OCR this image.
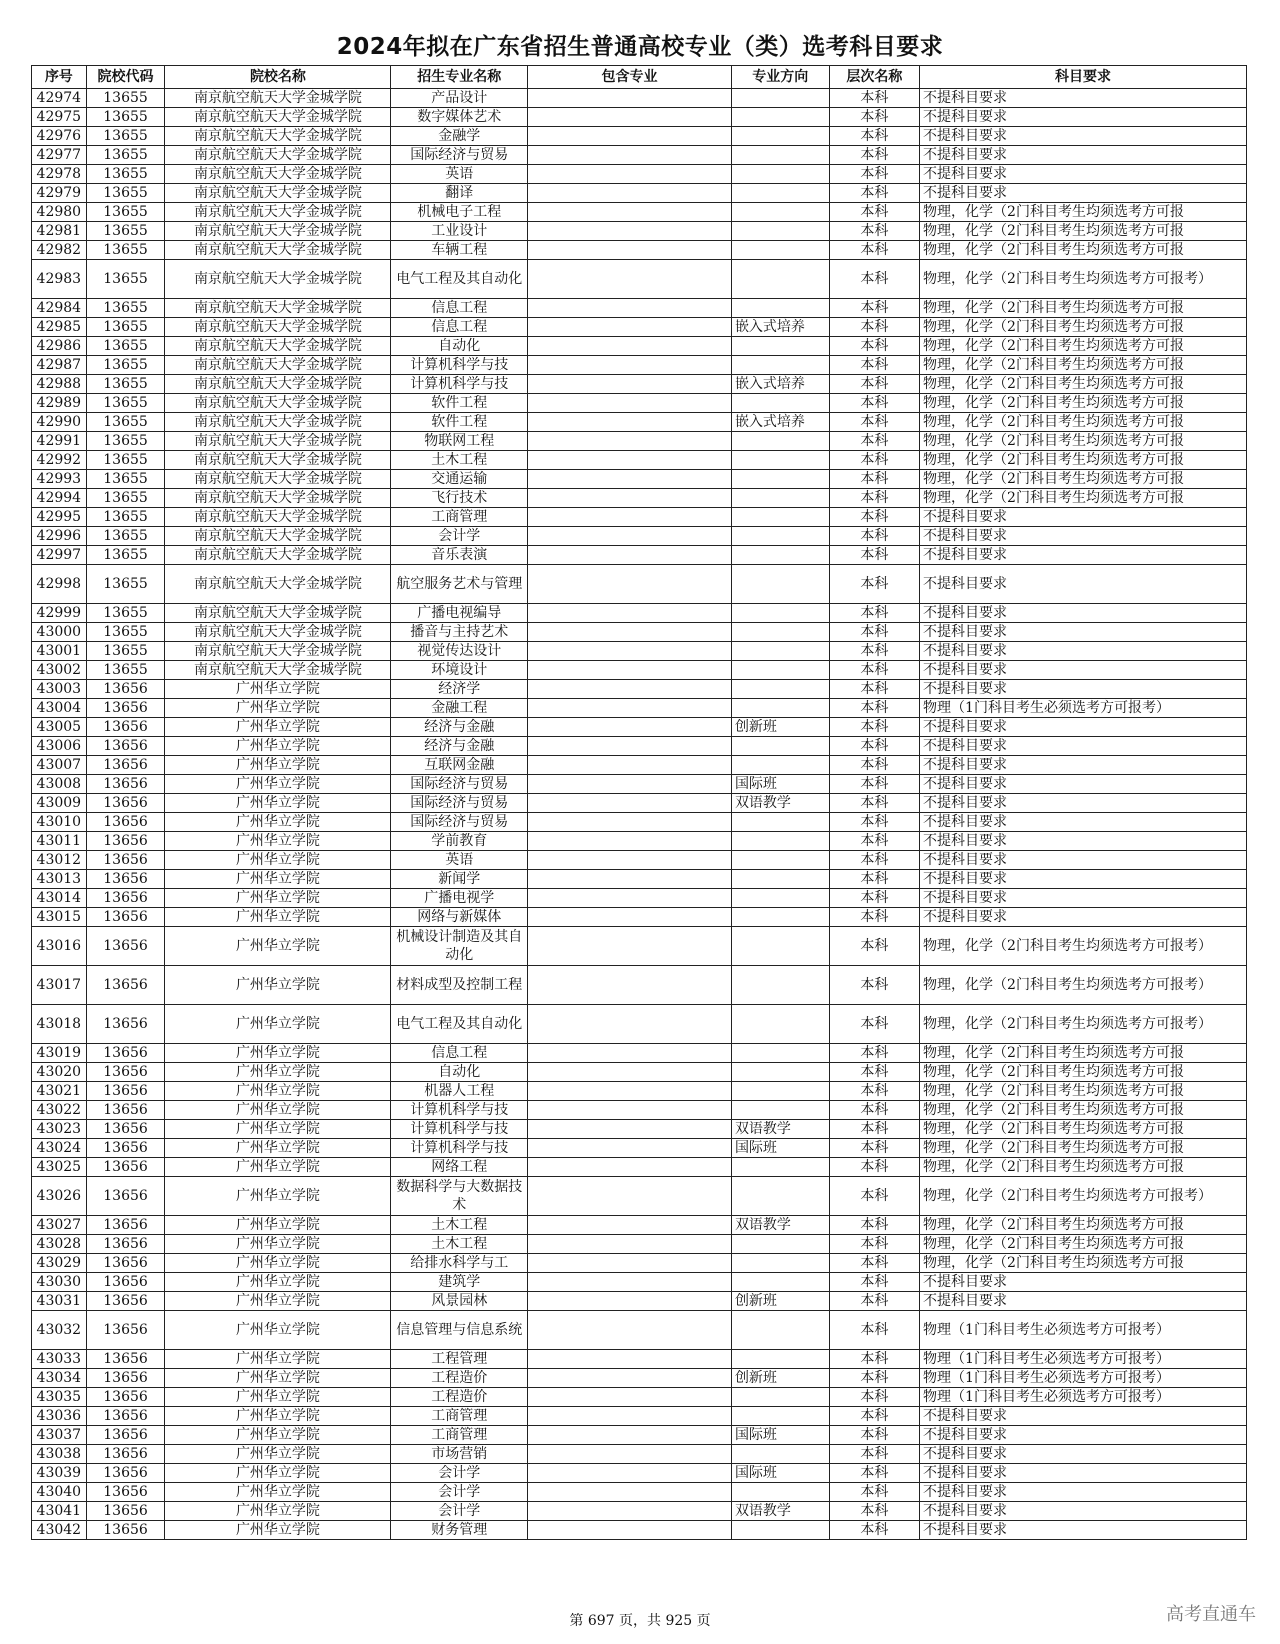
2024年拟在广东省招生普通高校专业（类）选考科目要求
序号	院校代码	院校名称	招生专业名称	包含专业	专业方向	层次名称	科目要求
42974	13655	南京航空航天大学金城学院	产品设计			本科	不提科目要求
42975	13655	南京航空航天大学金城学院	数字媒体艺术			本科	不提科目要求
42976	13655	南京航空航天大学金城学院	金融学			本科	不提科目要求
42977	13655	南京航空航天大学金城学院	国际经济与贸易			本科	不提科目要求
42978	13655	南京航空航天大学金城学院	英语			本科	不提科目要求
42979	13655	南京航空航天大学金城学院	翻译			本科	不提科目要求
42980	13655	南京航空航天大学金城学院	机械电子工程			本科	物理，化学（2门科目考生均须选考方可报
42981	13655	南京航空航天大学金城学院	工业设计			本科	物理，化学（2门科目考生均须选考方可报
42982	13655	南京航空航天大学金城学院	车辆工程			本科	物理，化学（2门科目考生均须选考方可报
42983	13655	南京航空航天大学金城学院	电气工程及其自动化			本科	物理，化学（2门科目考生均须选考方可报考）
42984	13655	南京航空航天大学金城学院	信息工程			本科	物理，化学（2门科目考生均须选考方可报
42985	13655	南京航空航天大学金城学院	信息工程		嵌入式培养	本科	物理，化学（2门科目考生均须选考方可报
42986	13655	南京航空航天大学金城学院	自动化			本科	物理，化学（2门科目考生均须选考方可报
42987	13655	南京航空航天大学金城学院	计算机科学与技			本科	物理，化学（2门科目考生均须选考方可报
42988	13655	南京航空航天大学金城学院	计算机科学与技		嵌入式培养	本科	物理，化学（2门科目考生均须选考方可报
42989	13655	南京航空航天大学金城学院	软件工程			本科	物理，化学（2门科目考生均须选考方可报
42990	13655	南京航空航天大学金城学院	软件工程		嵌入式培养	本科	物理，化学（2门科目考生均须选考方可报
42991	13655	南京航空航天大学金城学院	物联网工程			本科	物理，化学（2门科目考生均须选考方可报
42992	13655	南京航空航天大学金城学院	土木工程			本科	物理，化学（2门科目考生均须选考方可报
42993	13655	南京航空航天大学金城学院	交通运输			本科	物理，化学（2门科目考生均须选考方可报
42994	13655	南京航空航天大学金城学院	飞行技术			本科	物理，化学（2门科目考生均须选考方可报
42995	13655	南京航空航天大学金城学院	工商管理			本科	不提科目要求
42996	13655	南京航空航天大学金城学院	会计学			本科	不提科目要求
42997	13655	南京航空航天大学金城学院	音乐表演			本科	不提科目要求
42998	13655	南京航空航天大学金城学院	航空服务艺术与管理			本科	不提科目要求
42999	13655	南京航空航天大学金城学院	广播电视编导			本科	不提科目要求
43000	13655	南京航空航天大学金城学院	播音与主持艺术			本科	不提科目要求
43001	13655	南京航空航天大学金城学院	视觉传达设计			本科	不提科目要求
43002	13655	南京航空航天大学金城学院	环境设计			本科	不提科目要求
43003	13656	广州华立学院	经济学			本科	不提科目要求
43004	13656	广州华立学院	金融工程			本科	物理（1门科目考生必须选考方可报考）
43005	13656	广州华立学院	经济与金融		创新班	本科	不提科目要求
43006	13656	广州华立学院	经济与金融			本科	不提科目要求
43007	13656	广州华立学院	互联网金融			本科	不提科目要求
43008	13656	广州华立学院	国际经济与贸易		国际班	本科	不提科目要求
43009	13656	广州华立学院	国际经济与贸易		双语教学	本科	不提科目要求
43010	13656	广州华立学院	国际经济与贸易			本科	不提科目要求
43011	13656	广州华立学院	学前教育			本科	不提科目要求
43012	13656	广州华立学院	英语			本科	不提科目要求
43013	13656	广州华立学院	新闻学			本科	不提科目要求
43014	13656	广州华立学院	广播电视学			本科	不提科目要求
43015	13656	广州华立学院	网络与新媒体			本科	不提科目要求
43016	13656	广州华立学院	机械设计制造及其自动化			本科	物理，化学（2门科目考生均须选考方可报考）
43017	13656	广州华立学院	材料成型及控制工程			本科	物理，化学（2门科目考生均须选考方可报考）
43018	13656	广州华立学院	电气工程及其自动化			本科	物理，化学（2门科目考生均须选考方可报考）
43019	13656	广州华立学院	信息工程			本科	物理，化学（2门科目考生均须选考方可报
43020	13656	广州华立学院	自动化			本科	物理，化学（2门科目考生均须选考方可报
43021	13656	广州华立学院	机器人工程			本科	物理，化学（2门科目考生均须选考方可报
43022	13656	广州华立学院	计算机科学与技			本科	物理，化学（2门科目考生均须选考方可报
43023	13656	广州华立学院	计算机科学与技		双语教学	本科	物理，化学（2门科目考生均须选考方可报
43024	13656	广州华立学院	计算机科学与技		国际班	本科	物理，化学（2门科目考生均须选考方可报
43025	13656	广州华立学院	网络工程			本科	物理，化学（2门科目考生均须选考方可报
43026	13656	广州华立学院	数据科学与大数据技术			本科	物理，化学（2门科目考生均须选考方可报考）
43027	13656	广州华立学院	土木工程		双语教学	本科	物理，化学（2门科目考生均须选考方可报
43028	13656	广州华立学院	土木工程			本科	物理，化学（2门科目考生均须选考方可报
43029	13656	广州华立学院	给排水科学与工			本科	物理，化学（2门科目考生均须选考方可报
43030	13656	广州华立学院	建筑学			本科	不提科目要求
43031	13656	广州华立学院	风景园林		创新班	本科	不提科目要求
43032	13656	广州华立学院	信息管理与信息系统			本科	物理（1门科目考生必须选考方可报考）
43033	13656	广州华立学院	工程管理			本科	物理（1门科目考生必须选考方可报考）
43034	13656	广州华立学院	工程造价		创新班	本科	物理（1门科目考生必须选考方可报考）
43035	13656	广州华立学院	工程造价			本科	物理（1门科目考生必须选考方可报考）
43036	13656	广州华立学院	工商管理			本科	不提科目要求
43037	13656	广州华立学院	工商管理		国际班	本科	不提科目要求
43038	13656	广州华立学院	市场营销			本科	不提科目要求
43039	13656	广州华立学院	会计学		国际班	本科	不提科目要求
43040	13656	广州华立学院	会计学			本科	不提科目要求
43041	13656	广州华立学院	会计学		双语教学	本科	不提科目要求
43042	13656	广州华立学院	财务管理			本科	不提科目要求
第 697 页，共 925 页	高考直通车
